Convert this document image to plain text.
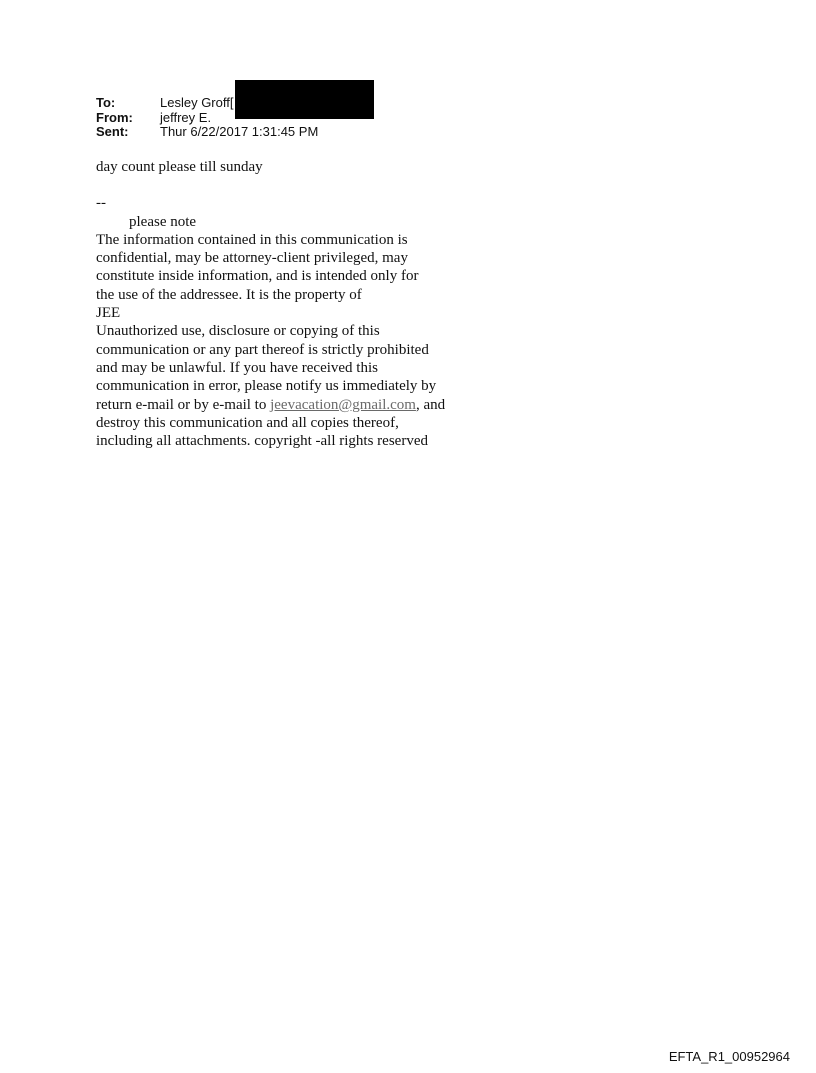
To:	Lesley Groff[
From:	jeffrey E.
Sent:	Thur 6/22/2017 1:31:45 PM
day count please till sunday
--
please note
The information contained in this communication is
confidential, may be attorney-client privileged, may
constitute inside information, and is intended only for
the use of the addressee. It is the property of
JEE
Unauthorized use, disclosure or copying of this
communication or any part thereof is strictly prohibited
and may be unlawful. If you have received this
communication in error, please notify us immediately by
return e-mail or by e-mail to jeevacation@gmail.com, and
destroy this communication and all copies thereof,
including all attachments. copyright -all rights reserved
EFTA_R1_00952964
